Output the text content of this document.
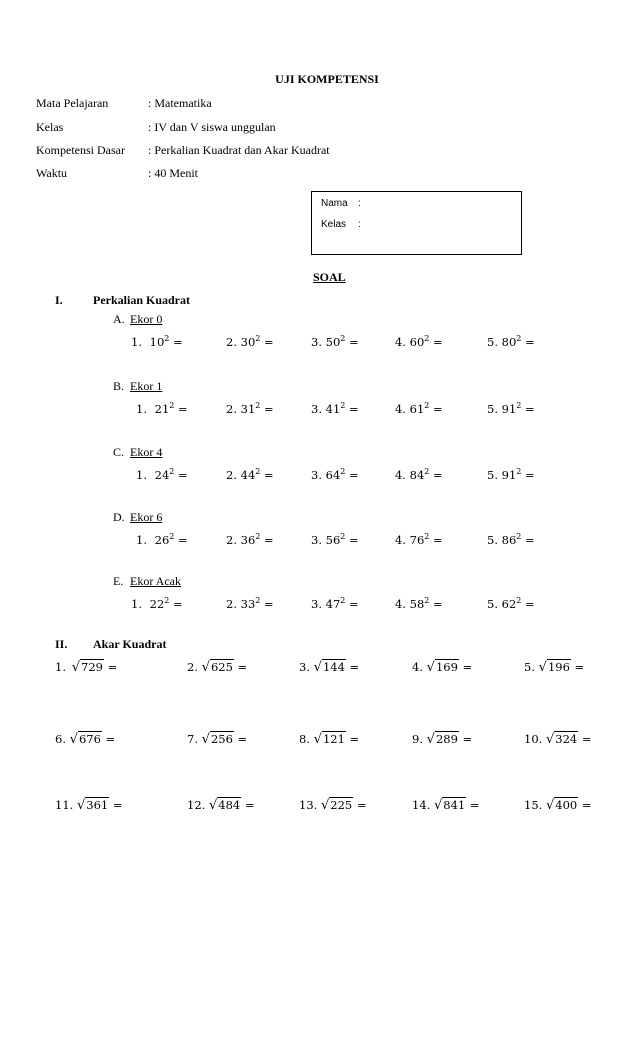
UJI KOMPETENSI
Mata Pelajaran	: Matematika
Kelas	: IV dan V siswa unggulan
Kompetensi Dasar : Perkalian Kuadrat dan Akar Kuadrat
Waktu	: 40 Menit
Nama :
Kelas :
SOAL
I.	Perkalian Kuadrat
A. Ekor 0
1. $10^2$ =	2. $30^2$ =	3. $50^2$ =	4. $60^2$ =	5. $80^2$ =
B. Ekor 1
1. $21^2$ =	2. $31^2$ =	3. $41^2$ =	4. $61^2$ =	5. $91^2$ =
C. Ekor 4
1. $24^2$ =	2. $44^2$ =	3. $64^2$ =	4. $84^2$ =	5. $91^2$ =
D. Ekor 6
1. $26^2$ =	2. $36^2$ =	3. $56^2$ =	4. $76^2$ =	5. $86^2$ =
E. Ekor Acak
1. $22^2$ =	2. $33^2$ =	3. $47^2$ =	4. $58^2$ =	5. $62^2$ =
II. Akar Kuadrat
1.  √729 =	2. √625 =	3. √144 =	4. √169 =	5. √196 =
6. √676 =	7. √256 =	8. √121 =	9. √289 =	10. √324 =
11. √361 =	12. √484 =	13. √225 =	14. √841 =	15. √400 =
